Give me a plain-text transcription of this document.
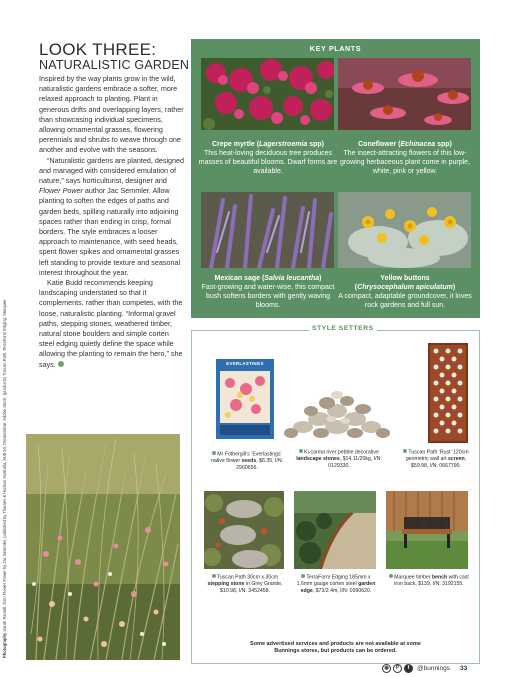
LOOK THREE:
NATURALISTIC GARDEN

Inspired by the way plants grow in the wild, naturalistic gardens embrace a softer, more relaxed approach to planting. Plant in generous drifts and overlapping layers, rather than showcasing individual specimens, allowing ornamental grasses, flowering perennials and shrubs to weave through one another and evolve with the seasons.

“Naturalistic gardens are planted, designed and managed with considered emulation of nature,” says horticulturist, designer and Flower Power author Jac Semmler. Allow planting to soften the edges of paths and garden beds, spilling naturally into adjoining spaces rather than ending in crisp, formal borders. The style embraces a looser approach to maintenance, with seed heads, spent flower spikes and ornamental grasses left standing to provide texture and seasonal interest throughout the year.

Katie Budd recommends keeping landscaping understated so that it complements, rather than competes, with the loose, naturalistic planting. “Informal gravel paths, stepping stones, weathered timber, natural stone boulders and simple corten steel edging quietly define the space while allowing the planting to remain the hero,” she says.

Photography Sarah Parnell, from Flower Power by Jac Semmler, published by Thames & Hudson Australia, AU$ 50; Dreamstime; Adobe Stock; (products) Tuscan Path, TerraForm Edging, Marquee
KEY PLANTS
Crepe myrtle (Lagerstroemia spp)
This heat-loving deciduous tree produces masses of beautiful blooms. Dwarf forms are available.
Coneflower (Echinacea spp)
The insect-attracting flowers of this low-growing herbaceous plant come in purple, white, pink or yellow.
Mexican sage (Salvia leucantha)
Fast-growing and water-wise, this compact bush softens borders with gently waving blooms.
Yellow buttons
(Chrysocephalum apiculatum)
A compact, adaptable groundcover, it loves rock gardens and full sun.
STYLE SETTERS
EVERLASTINGS
Mr Fothergill’s ‘Everlastings’ native flower seeds, $6.35, I/N: 2960656.
Ki-carma river pebble decorative landscape stones, $14.11/20kg, I/N: 0129330.
Tuscan Path ‘Rust’ 120cm geometric wall art screen, $59.98, I/N: 0667790.
Tuscan Path 30cm x 30cm stepping stone in Grey Granite, $10.98, I/N: 3452458.
TerraForm Edging 185mm x 1.6mm gauge corten steel garden edge, $73/2.4m, I/N: 0990620.
Marquee timber bench with cast iron back, $139, I/N: 3192155.
Some advertised services and products are not available at some
Bunnings stores, but products can be ordered.
◉	P	f	@bunnings 33
